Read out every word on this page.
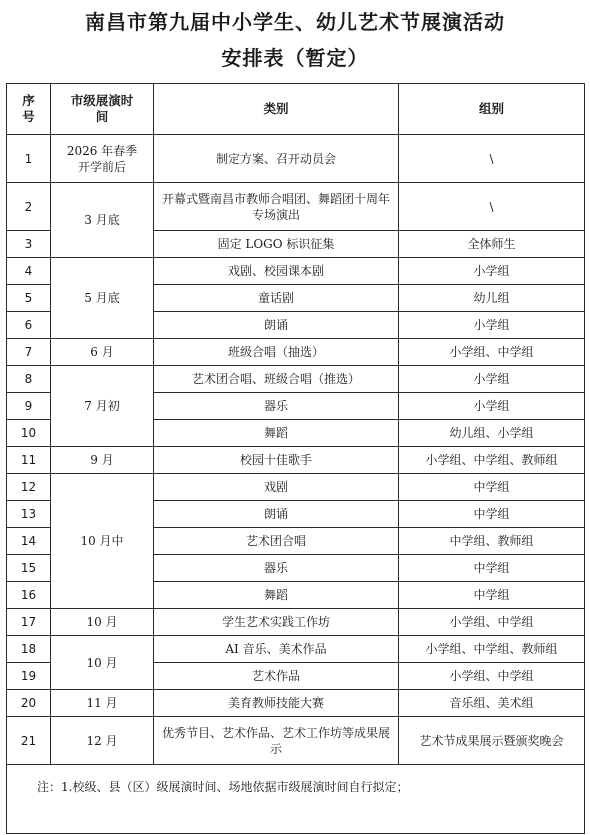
南昌市第九届中小学生、幼儿艺术节展演活动
安排表（暂定）
序号	市级展演时间	类别	组别
1	2026 年春季开学前后	制定方案、召开动员会	\
2	3 月底	开幕式暨南昌市教师合唱团、舞蹈团十周年专场演出	\
3		固定 LOGO 标识征集	全体师生
4	5 月底	戏剧、校园课本剧	小学组
5		童话剧	幼儿组
6		朗诵	小学组
7	6 月	班级合唱（抽选）	小学组、中学组
8	7 月初	艺术团合唱、班级合唱（推选）	小学组
9		器乐	小学组
10		舞蹈	幼儿组、小学组
11	9 月	校园十佳歌手	小学组、中学组、教师组
12	10 月中	戏剧	中学组
13		朗诵	中学组
14		艺术团合唱	中学组、教师组
15		器乐	中学组
16		舞蹈	中学组
17	10 月	学生艺术实践工作坊	小学组、中学组
18	10 月	AI 音乐、美术作品	小学组、中学组、教师组
19		艺术作品	小学组、中学组
20	11 月	美育教师技能大赛	音乐组、美术组
21	12 月	优秀节目、艺术作品、艺术工作坊等成果展示	艺术节成果展示暨颁奖晚会
注：1.校级、县（区）级展演时间、场地依据市级展演时间自行拟定；			
